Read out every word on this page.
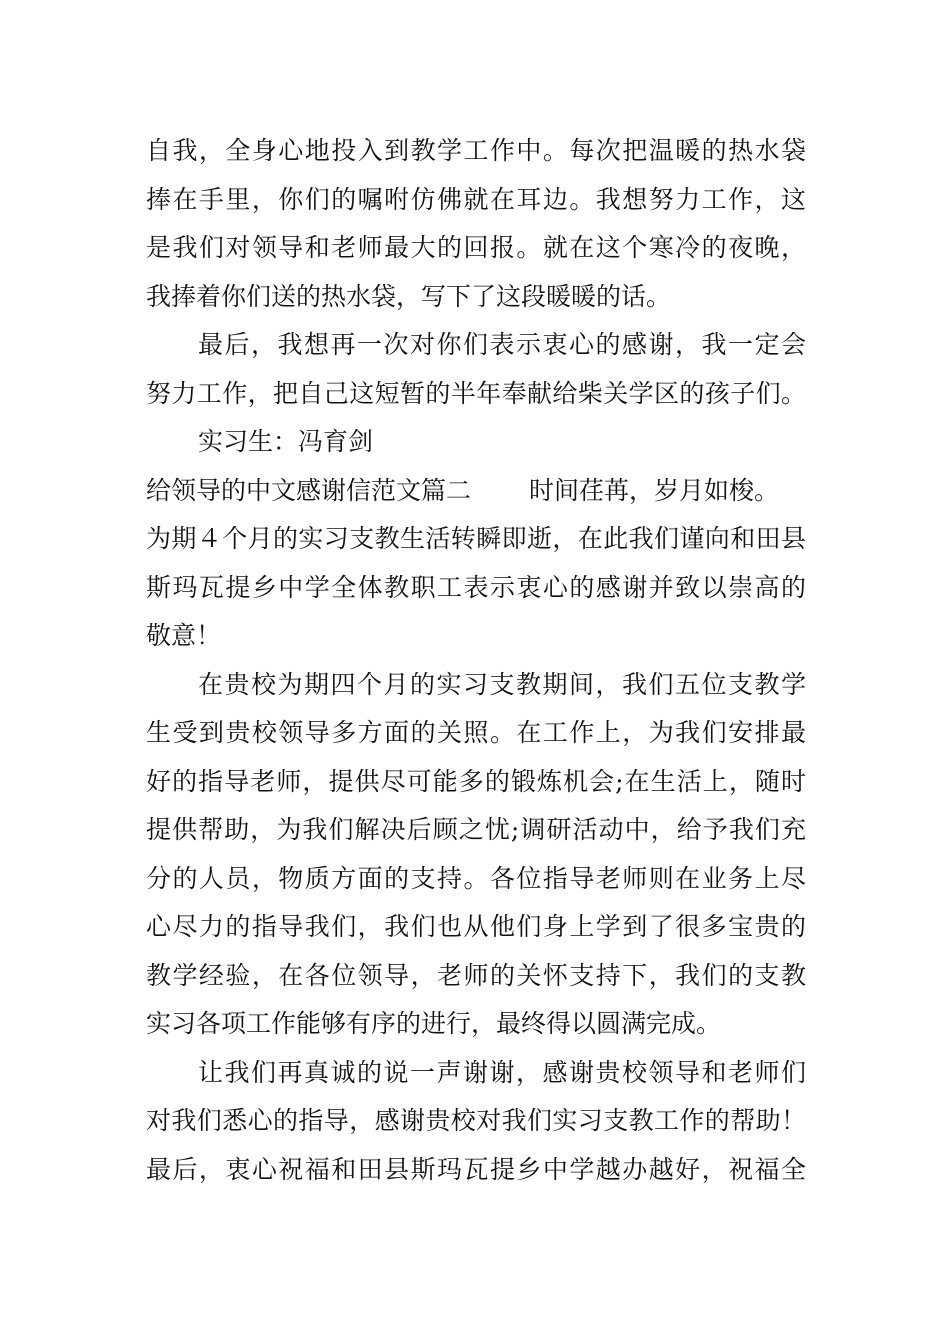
自我，全身心地投入到教学工作中。每次把温暖的热水袋
捧在手里，你们的嘱咐仿佛就在耳边。我想努力工作，这
是我们对领导和老师最大的回报。就在这个寒冷的夜晚，
我捧着你们送的热水袋，写下了这段暖暖的话。
最后，我想再一次对你们表示衷心的感谢，我一定会
努力工作，把自己这短暂的半年奉献给柴关学区的孩子们。
实习生：冯育剑
给领导的中文感谢信范文篇二 时间荏苒，岁月如梭。
为期４个月的实习支教生活转瞬即逝，在此我们谨向和田县
斯玛瓦提乡中学全体教职工表示衷心的感谢并致以崇高的
敬意！
在贵校为期四个月的实习支教期间，我们五位支教学
生受到贵校领导多方面的关照。在工作上，为我们安排最
好的指导老师，提供尽可能多的锻炼机会;在生活上，随时
提供帮助，为我们解决后顾之忧;调研活动中，给予我们充
分的人员，物质方面的支持。各位指导老师则在业务上尽
心尽力的指导我们，我们也从他们身上学到了很多宝贵的
教学经验，在各位领导，老师的关怀支持下，我们的支教
实习各项工作能够有序的进行，最终得以圆满完成。
让我们再真诚的说一声谢谢，感谢贵校领导和老师们
对我们悉心的指导，感谢贵校对我们实习支教工作的帮助！
最后，衷心祝福和田县斯玛瓦提乡中学越办越好，祝福全
